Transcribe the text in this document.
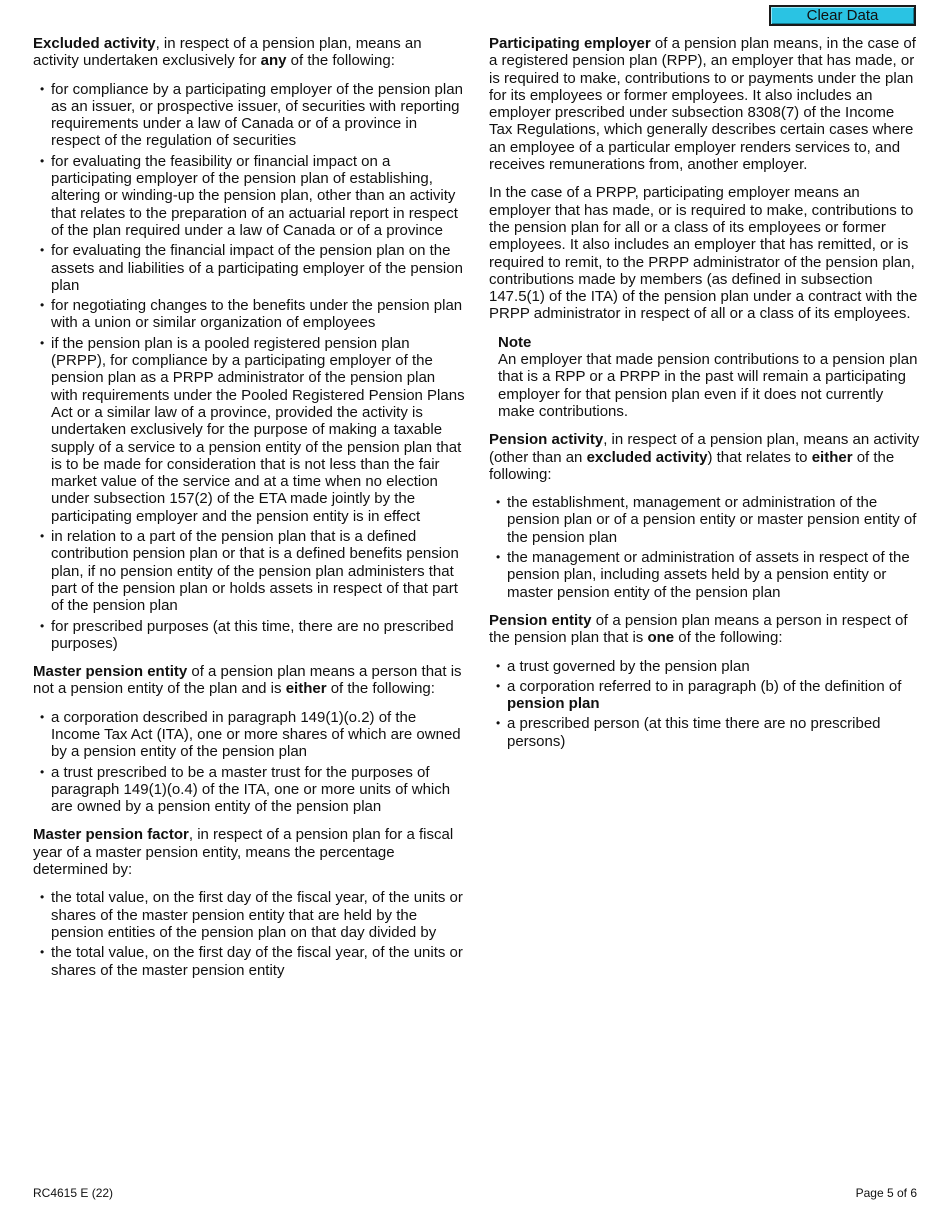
Clear Data

Excluded activity, in respect of a pension plan, means an activity undertaken exclusively for any of the following:

• for compliance by a participating employer of the pension plan as an issuer, or prospective issuer, of securities with reporting requirements under a law of Canada or of a province in respect of the regulation of securities
• for evaluating the feasibility or financial impact on a participating employer of the pension plan of establishing, altering or winding-up the pension plan, other than an activity that relates to the preparation of an actuarial report in respect of the plan required under a law of Canada or of a province
• for evaluating the financial impact of the pension plan on the assets and liabilities of a participating employer of the pension plan
• for negotiating changes to the benefits under the pension plan with a union or similar organization of employees
• if the pension plan is a pooled registered pension plan (PRPP), for compliance by a participating employer of the pension plan as a PRPP administrator of the pension plan with requirements under the Pooled Registered Pension Plans Act or a similar law of a province, provided the activity is undertaken exclusively for the purpose of making a taxable supply of a service to a pension entity of the pension plan that is to be made for consideration that is not less than the fair market value of the service and at a time when no election under subsection 157(2) of the ETA made jointly by the participating employer and the pension entity is in effect
• in relation to a part of the pension plan that is a defined contribution pension plan or that is a defined benefits pension plan, if no pension entity of the pension plan administers that part of the pension plan or holds assets in respect of that part of the pension plan
• for prescribed purposes (at this time, there are no prescribed purposes)

Master pension entity of a pension plan means a person that is not a pension entity of the plan and is either of the following:

• a corporation described in paragraph 149(1)(o.2) of the Income Tax Act (ITA), one or more shares of which are owned by a pension entity of the pension plan
• a trust prescribed to be a master trust for the purposes of paragraph 149(1)(o.4) of the ITA, one or more units of which are owned by a pension entity of the pension plan

Master pension factor, in respect of a pension plan for a fiscal year of a master pension entity, means the percentage determined by:

• the total value, on the first day of the fiscal year, of the units or shares of the master pension entity that are held by the pension entities of the pension plan on that day divided by
• the total value, on the first day of the fiscal year, of the units or shares of the master pension entity

Participating employer of a pension plan means, in the case of a registered pension plan (RPP), an employer that has made, or is required to make, contributions to or payments under the plan for its employees or former employees. It also includes an employer prescribed under subsection 8308(7) of the Income Tax Regulations, which generally describes certain cases where an employee of a particular employer renders services to, and receives remunerations from, another employer.

In the case of a PRPP, participating employer means an employer that has made, or is required to make, contributions to the pension plan for all or a class of its employees or former employees. It also includes an employer that has remitted, or is required to remit, to the PRPP administrator of the pension plan, contributions made by members (as defined in subsection 147.5(1) of the ITA) of the pension plan under a contract with the PRPP administrator in respect of all or a class of its employees.

Note
An employer that made pension contributions to a pension plan that is a RPP or a PRPP in the past will remain a participating employer for that pension plan even if it does not currently make contributions.

Pension activity, in respect of a pension plan, means an activity (other than an excluded activity) that relates to either of the following:

• the establishment, management or administration of the pension plan or of a pension entity or master pension entity of the pension plan
• the management or administration of assets in respect of the pension plan, including assets held by a pension entity or master pension entity of the pension plan

Pension entity of a pension plan means a person in respect of the pension plan that is one of the following:

• a trust governed by the pension plan
• a corporation referred to in paragraph (b) of the definition of pension plan
• a prescribed person (at this time there are no prescribed persons)
RC4615 E (22)	Page 5 of 6
